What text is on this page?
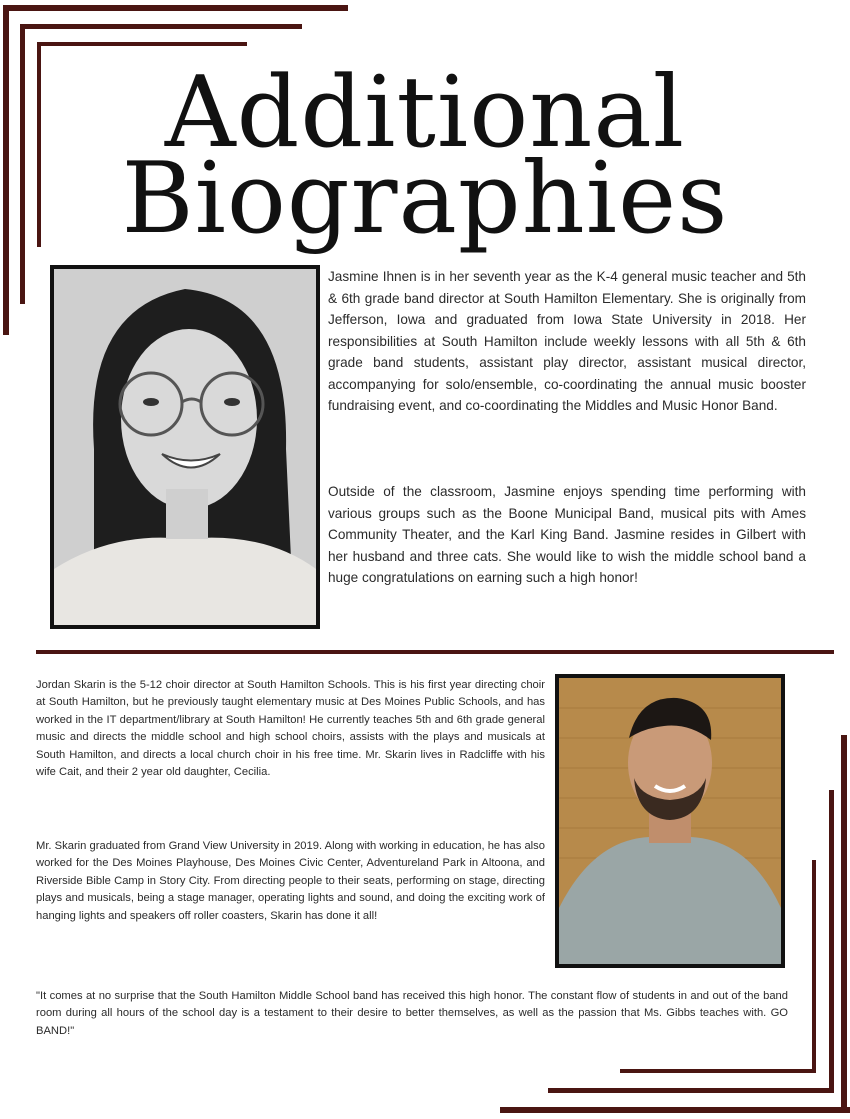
Additional
Biographies

Jasmine Ihnen is in her seventh year as the K-4 general music teacher and 5th & 6th grade band director at South Hamilton Elementary. She is originally from Jefferson, Iowa and graduated from Iowa State University in 2018. Her responsibilities at South Hamilton include weekly lessons with all 5th & 6th grade band students, assistant play director, assistant musical director, accompanying for solo/ensemble, co-coordinating the annual music booster fundraising event, and co-coordinating the Middles and Music Honor Band.

Outside of the classroom, Jasmine enjoys spending time performing with various groups such as the Boone Municipal Band, musical pits with Ames Community Theater, and the Karl King Band. Jasmine resides in Gilbert with her husband and three cats. She would like to wish the middle school band a huge congratulations on earning such a high honor!

Jordan Skarin is the 5-12 choir director at South Hamilton Schools. This is his first year directing choir at South Hamilton, but he previously taught elementary music at Des Moines Public Schools, and has worked in the IT department/library at South Hamilton! He currently teaches 5th and 6th grade general music and directs the middle school and high school choirs, assists with the plays and musicals at South Hamilton, and directs a local church choir in his free time. Mr. Skarin lives in Radcliffe with his wife Cait, and their 2 year old daughter, Cecilia.

Mr. Skarin graduated from Grand View University in 2019. Along with working in education, he has also worked for the Des Moines Playhouse, Des Moines Civic Center, Adventureland Park in Altoona, and Riverside Bible Camp in Story City. From directing people to their seats, performing on stage, directing plays and musicals, being a stage manager, operating lights and sound, and doing the exciting work of hanging lights and speakers off roller coasters, Skarin has done it all!

"It comes at no surprise that the South Hamilton Middle School band has received this high honor. The constant flow of students in and out of the band room during all hours of the school day is a testament to their desire to better themselves, as well as the passion that Ms. Gibbs teaches with. GO BAND!"
